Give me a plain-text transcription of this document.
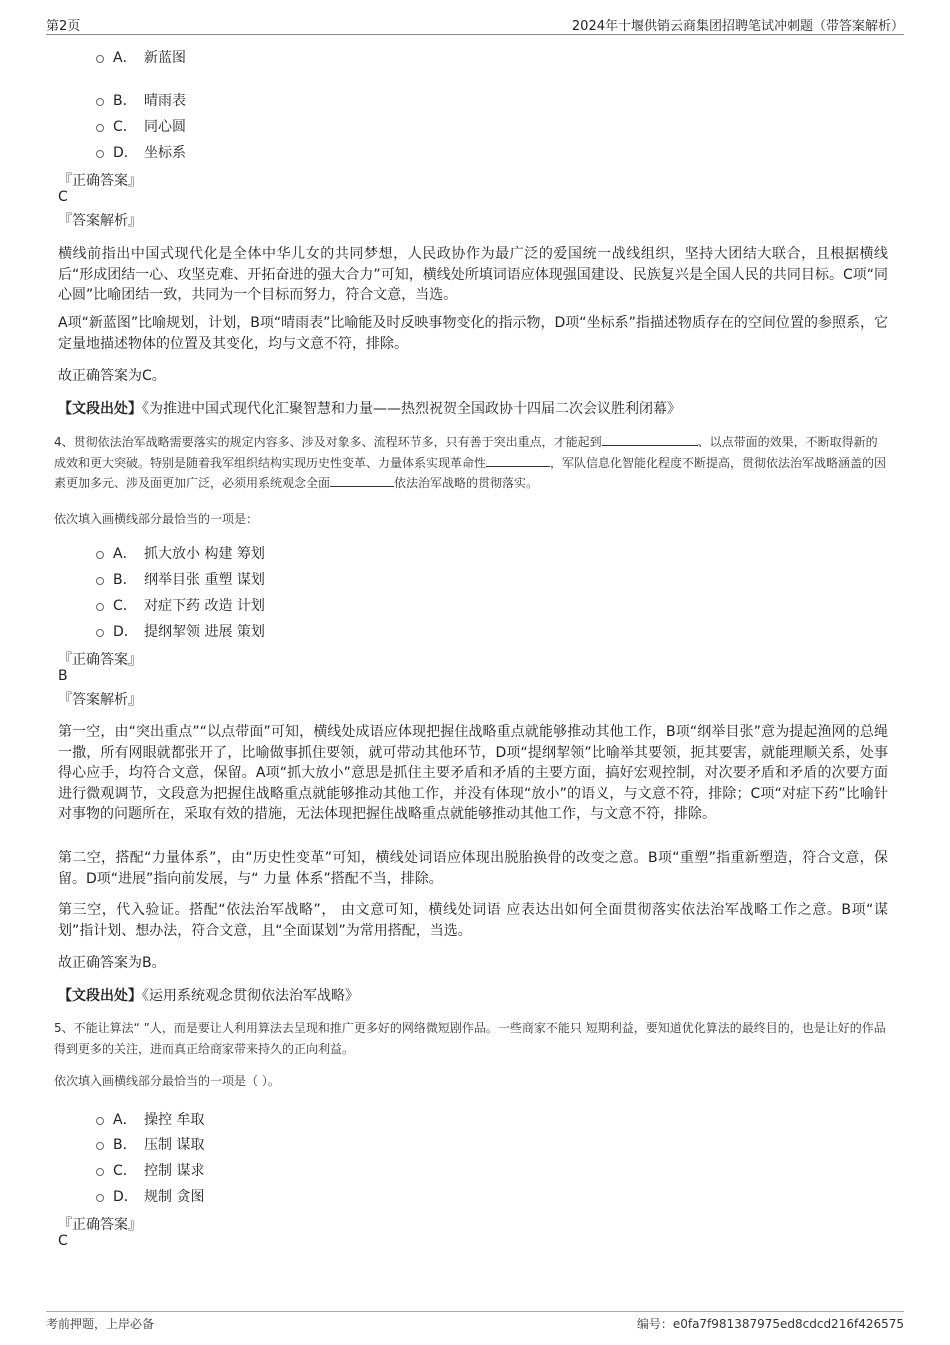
第2页	2024年十堰供销云商集团招聘笔试冲刺题（带答案解析）
A． 新蓝图
B． 晴雨表
C． 同心圆
D． 坐标系
『正确答案』
C
『答案解析』
横线前指出中国式现代化是全体中华儿女的共同梦想，人民政协作为最广泛的爱国统一战线组织，坚持大团结大联合，且根据横线后“形成团结一心、攻坚克难、开拓奋进的强大合力”可知，横线处所填词语应体现强国建设、民族复兴是全国人民的共同目标。C项“同心圆”比喻团结一致，共同为一个目标而努力，符合文意，当选。
A项“新蓝图”比喻规划，计划，B项“晴雨表”比喻能及时反映事物变化的指示物，D项“坐标系”指描述物质存在的空间位置的参照系，它定量地描述物体的位置及其变化，均与文意不符，排除。
故正确答案为C。
【文段出处】《为推进中国式现代化汇聚智慧和力量——热烈祝贺全国政协十四届二次会议胜利闭幕》
4、贯彻依法治军战略需要落实的规定内容多、涉及对象多、流程环节多，只有善于突出重点，才能起到	、以点带面的效果，不断取得新的成效和更大突破。特别是随着我军组织结构实现历史性变革、力量体系实现革命性	，军队信息化智能化程度不断提高，贯彻依法治军战略涵盖的因素更加多元、涉及面更加广泛，必须用系统观念全面	依法治军战略的贯彻落实。
依次填入画横线部分最恰当的一项是：
A． 抓大放小 构建 筹划
B． 纲举目张 重塑 谋划
C． 对症下药 改造 计划
D． 提纲挈领 进展 策划
『正确答案』
B
『答案解析』
第一空，由“突出重点”“以点带面”可知，横线处成语应体现把握住战略重点就能够推动其他工作，B项“纲举目张”意为提起渔网的总绳一撒，所有网眼就都张开了，比喻做事抓住要领，就可带动其他环节，D项“提纲挈领”比喻举其要领，扼其要害，就能理顺关系，处事得心应手，均符合文意，保留。A项“抓大放小”意思是抓住主要矛盾和矛盾的主要方面，搞好宏观控制，对次要矛盾和矛盾的次要方面进行微观调节，文段意为把握住战略重点就能够推动其他工作，并没有体现“放小”的语义，与文意不符，排除；C项“对症下药”比喻针对事物的问题所在，采取有效的措施，无法体现把握住战略重点就能够推动其他工作，与文意不符，排除。
第二空，搭配“力量体系”，由“历史性变革”可知，横线处词语应体现出脱胎换骨的改变之意。B项“重塑”指重新塑造，符合文意，保留。D项“进展”指向前发展，与“ 力量 体系”搭配不当，排除。
第三空，代入验证。搭配“依法治军战略”， 由文意可知，横线处词语 应表达出如何全面贯彻落实依法治军战略工作之意。B项“谋划”指计划、想办法，符合文意，且“全面谋划”为常用搭配，当选。
故正确答案为B。
【文段出处】《运用系统观念贯彻依法治军战略》
5、不能让算法“ ”人，而是要让人利用算法去呈现和推广更多好的网络微短剧作品。一些商家不能只 短期利益，要知道优化算法的最终目的，也是让好的作品得到更多的关注，进而真正给商家带来持久的正向利益。
依次填入画横线部分最恰当的一项是（ ）。
A． 操控 牟取
B． 压制 谋取
C． 控制 谋求
D． 规制 贪图
『正确答案』
C
考前押题，上岸必备	编号：e0fa7f981387975ed8cdcd216f426575
